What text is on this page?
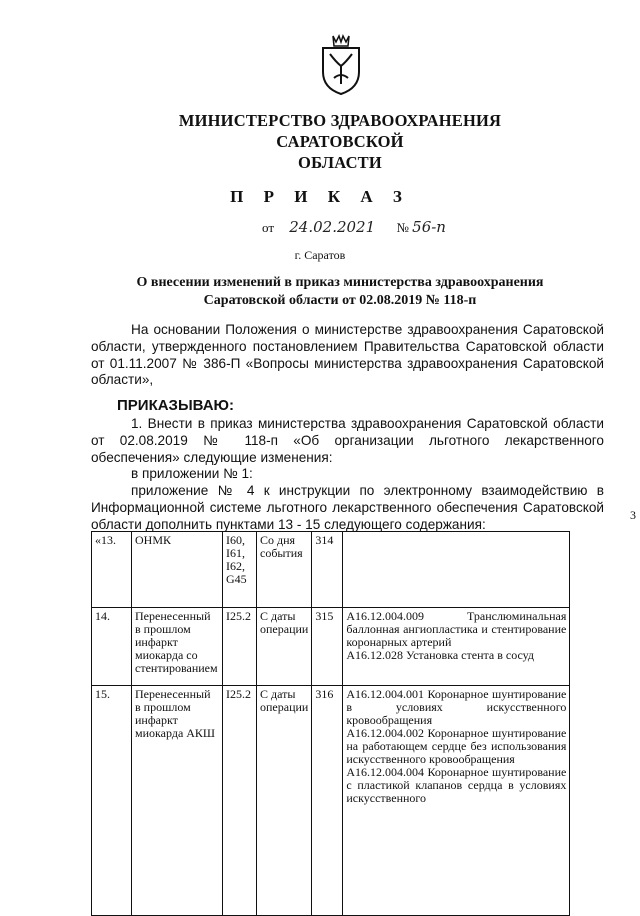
МИНИСТЕРСТВО ЗДРАВООХРАНЕНИЯ
САРАТОВСКОЙ
ОБЛАСТИ
П Р И К А З
от 24.02.2021 № 56-п
г. Саратов
О внесении изменений в приказ министерства здравоохранения
Саратовской области от 02.08.2019 № 118-п

На основании Положения о министерстве здравоохранения Саратовской области, утвержденного постановлением Правительства Саратовской области от 01.11.2007 № 386-П «Вопросы министерства здравоохранения Саратовской области»,

ПРИКАЗЫВАЮ:

1. Внести в приказ министерства здравоохранения Саратовской области от 02.08.2019 № 118-п «Об организации льготного лекарственного обеспечения» следующие изменения:

в приложении № 1:

приложение № 4 к инструкции по электронному взаимодействию в Информационной системе льготного лекарственного обеспечения Саратовской области дополнить пунктами 13 - 15 следующего содержания:

3
«13.	ОНМК	I60, I61, I62, G45	Со дня события	314	
14.	Перенесенный в прошлом инфаркт миокарда со стентированием	I25.2	С даты операции	315	A16.12.004.009 Транслюминальная баллонная ангиопластика и стентирование коронарных артерий
A16.12.028 Установка стента в сосуд

15.	Перенесенный в прошлом инфаркт миокарда АКШ	I25.2	С даты операции	316	A16.12.004.001 Коронарное шунтирование в условиях искусственного кровообращения
A16.12.004.002 Коронарное шунтирование на работающем сердце без использования искусственного кровообращения
A16.12.004.004 Коронарное шунтирование с пластикой клапанов сердца в условиях искусственного
